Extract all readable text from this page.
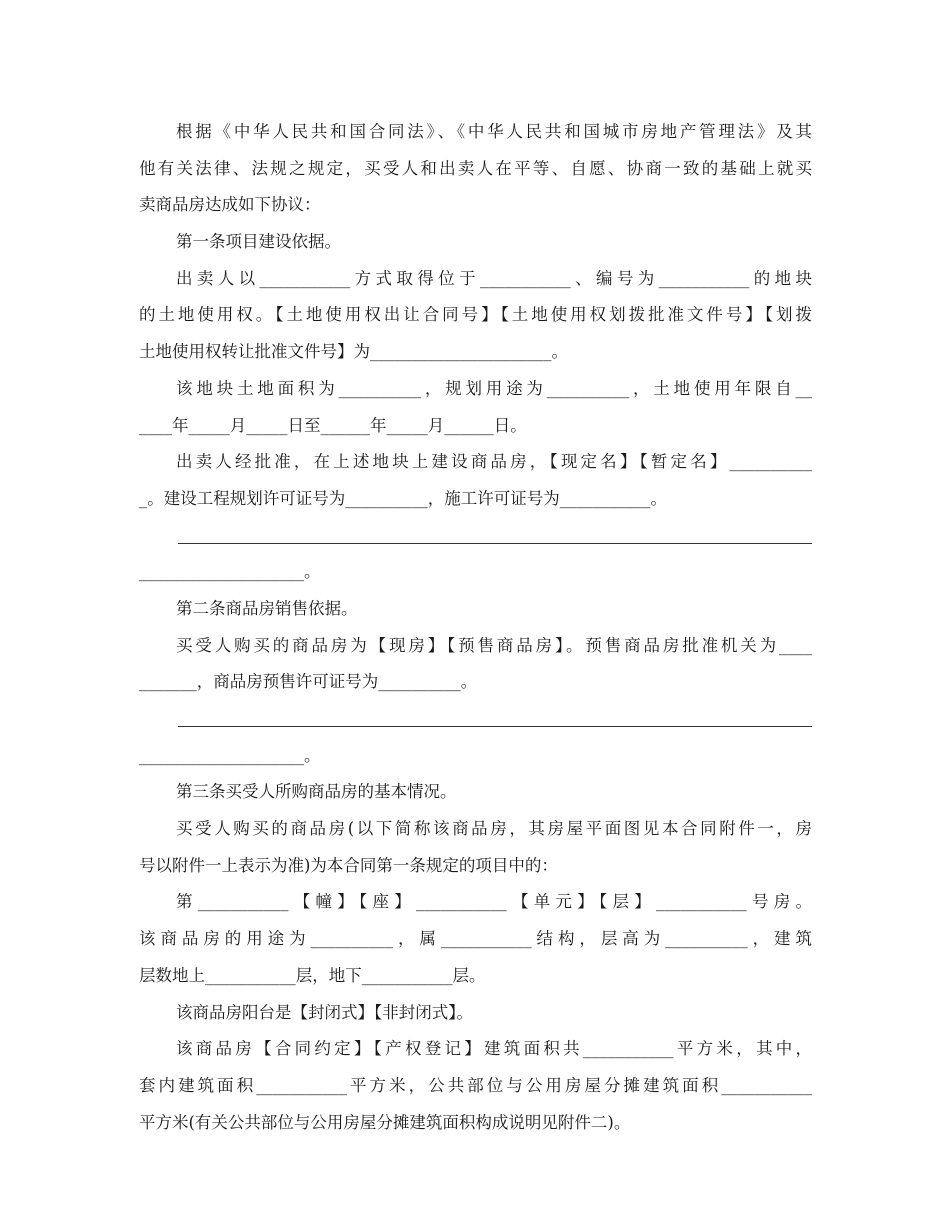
根据《中华人民共和国合同法》、《中华人民共和国城市房地产管理法》及其
他有关法律、法规之规定，买受人和出卖人在平等、自愿、协商一致的基础上就买
卖商品房达成如下协议：
第一条项目建设依据。
出卖人以___________方式取得位于___________、编号为___________的地块
的土地使用权。【土地使用权出让合同号】【土地使用权划拨批准文件号】【划拨
土地使用权转让批准文件号】为______________________。
该地块土地面积为__________，规划用途为__________，土地使用年限自__
____年_____月_____日至______年_____月______日。
出卖人经批准，在上述地块上建设商品房，【现定名】【暂定名】__________
_。建设工程规划许可证号为__________，施工许可证号为___________。
____________________。
第二条商品房销售依据。
买受人购买的商品房为【现房】【预售商品房】。预售商品房批准机关为____
_______，商品房预售许可证号为__________。
____________________。
第三条买受人所购商品房的基本情况。
买受人购买的商品房(以下简称该商品房，其房屋平面图见本合同附件一，房
号以附件一上表示为准)为本合同第一条规定的项目中的：
第___________【幢】【座】___________【单元】【层】___________号房。
该商品房的用途为__________，属___________结构，层高为__________，建筑
层数地上___________层，地下___________层。
该商品房阳台是【封闭式】【非封闭式】。
该商品房【合同约定】【产权登记】建筑面积共___________平方米，其中，
套内建筑面积___________平方米，公共部位与公用房屋分摊建筑面积___________
平方米(有关公共部位与公用房屋分摊建筑面积构成说明见附件二)。
